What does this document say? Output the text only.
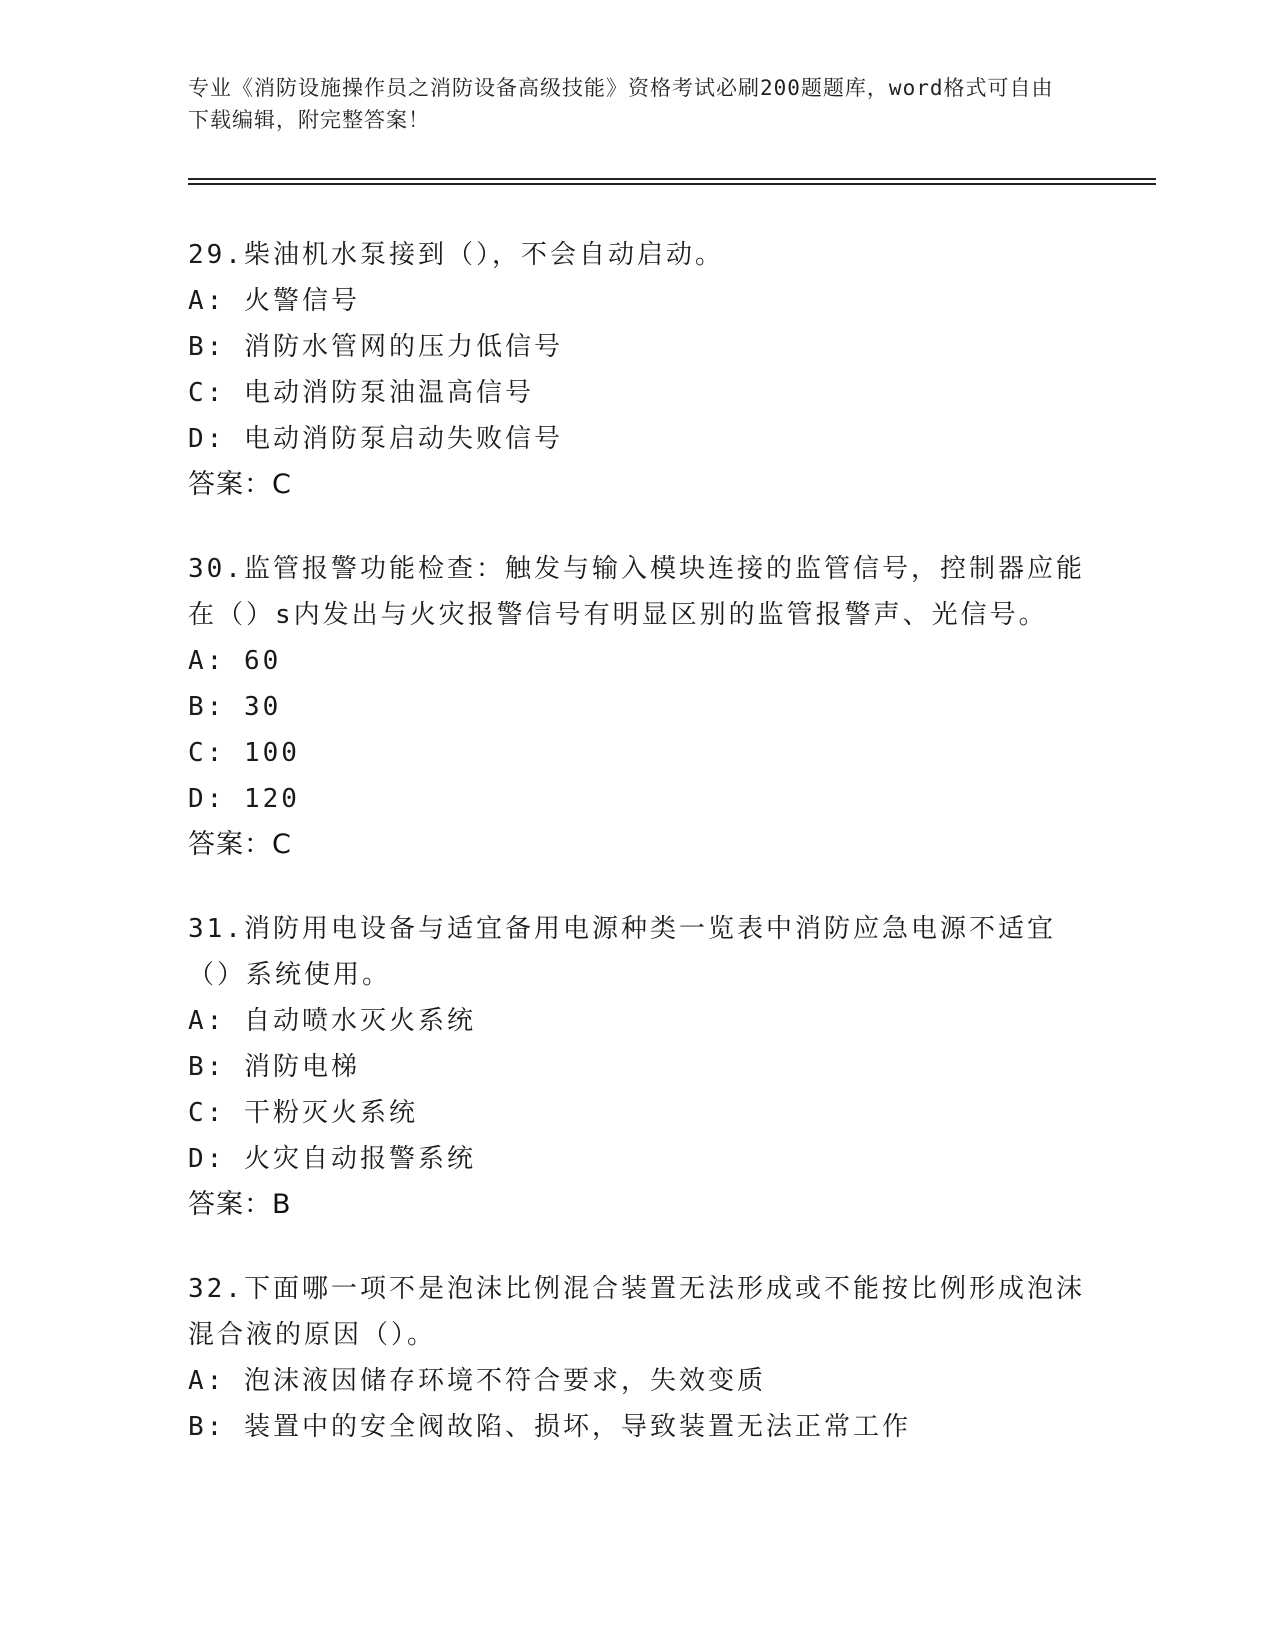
专业《消防设施操作员之消防设备高级技能》资格考试必刷200题题库，word格式可自由下载编辑，附完整答案！
29.柴油机水泵接到（），不会自动启动。
A: 火警信号
B: 消防水管网的压力低信号
C: 电动消防泵油温高信号
D: 电动消防泵启动失败信号
答案：C
30.监管报警功能检查：触发与输入模块连接的监管信号，控制器应能在（）s内发出与火灾报警信号有明显区别的监管报警声、光信号。
A: 60
B: 30
C: 100
D: 120
答案：C
31.消防用电设备与适宜备用电源种类一览表中消防应急电源不适宜（）系统使用。
A: 自动喷水灭火系统
B: 消防电梯
C: 干粉灭火系统
D: 火灾自动报警系统
答案：B
32.下面哪一项不是泡沫比例混合装置无法形成或不能按比例形成泡沫混合液的原因（）。
A: 泡沫液因储存环境不符合要求，失效变质
B: 装置中的安全阀故陷、损坏，导致装置无法正常工作
